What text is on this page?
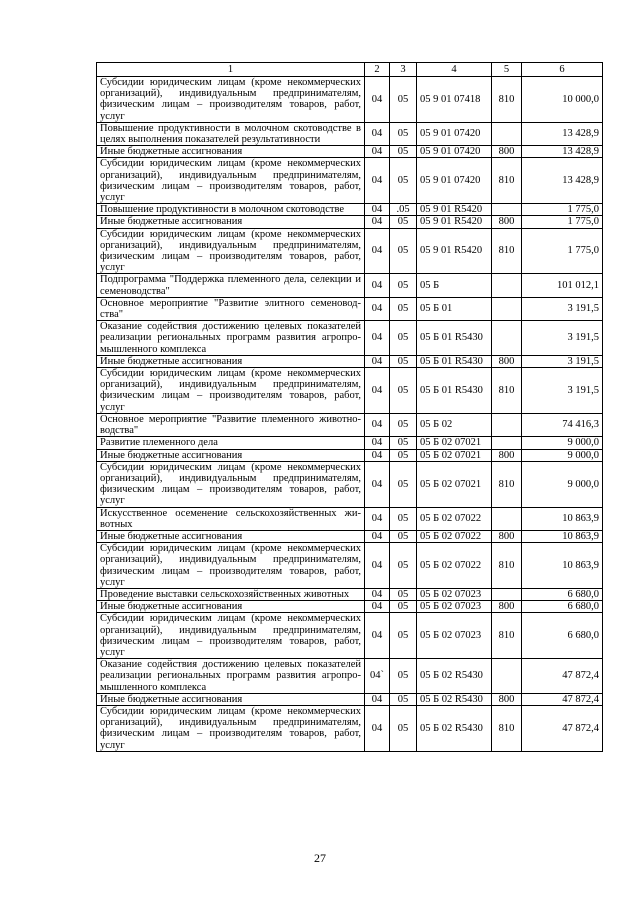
1	2	3	4	5	6
Субсидии юридическим лицам (кроме некоммерческих организаций), индивидуальным предпринимателям, физическим лицам – производителям товаров, работ, услуг	04	05	05 9 01 07418	810	10 000,0
Повышение продуктивности в молочном скотоводстве в целях выполнения показателей результативности	04	05	05 9 01 07420		13 428,9
Иные бюджетные ассигнования	04	05	05 9 01 07420	800	13 428,9
Субсидии юридическим лицам (кроме некоммерческих организаций), индивидуальным предпринимателям, физическим лицам – производителям товаров, работ, услуг	04	05	05 9 01 07420	810	13 428,9
Повышение продуктивности в молочном скотоводстве	04	.05	05 9 01 R5420		1 775,0
Иные бюджетные ассигнования	04	05	05 9 01 R5420	800	1 775,0
Субсидии юридическим лицам (кроме некоммерческих организаций), индивидуальным предпринимателям, физическим лицам – производителям товаров, работ, услуг	04	05	05 9 01 R5420	810	1 775,0
Подпрограмма "Поддержка племенного дела, селекции и семеноводства"	04	05	05 Б		101 012,1
Основное мероприятие "Развитие элитного семеновод-ства"	04	05	05 Б 01		3 191,5
Оказание содействия достижению целевых показателей реализации региональных программ развития агропро-мышленного комплекса	04	05	05 Б 01 R5430		3 191,5
Иные бюджетные ассигнования	04	05	05 Б 01 R5430	800	3 191,5
Субсидии юридическим лицам (кроме некоммерческих организаций), индивидуальным предпринимателям, физическим лицам – производителям товаров, работ, услуг	04	05	05 Б 01 R5430	810	3 191,5
Основное мероприятие "Развитие племенного животно-водства"	04	05	05 Б 02		74 416,3
Развитие племенного дела	04	05	05 Б 02 07021		9 000,0
Иные бюджетные ассигнования	04	05	05 Б 02 07021	800	9 000,0
Субсидии юридическим лицам (кроме некоммерческих организаций), индивидуальным предпринимателям, физическим лицам – производителям товаров, работ, услуг	04	05	05 Б 02 07021	810	9 000,0
Искусственное осеменение сельскохозяйственных жи-вотных	04	05	05 Б 02 07022		10 863,9
Иные бюджетные ассигнования	04	05	05 Б 02 07022	800	10 863,9
Субсидии юридическим лицам (кроме некоммерческих организаций), индивидуальным предпринимателям, физическим лицам – производителям товаров, работ, услуг	04	05	05 Б 02 07022	810	10 863,9
Проведение выставки сельскохозяйственных животных	04	05	05 Б 02 07023		6 680,0
Иные бюджетные ассигнования	04	05	05 Б 02 07023	800	6 680,0
Субсидии юридическим лицам (кроме некоммерческих организаций), индивидуальным предпринимателям, физическим лицам – производителям товаров, работ, услуг	04	05	05 Б 02 07023	810	6 680,0
Оказание содействия достижению целевых показателей реализации региональных программ развития агропро-мышленного комплекса	04`	05	05 Б 02 R5430		47 872,4
Иные бюджетные ассигнования	04	05	05 Б 02 R5430	800	47 872,4
Субсидии юридическим лицам (кроме некоммерческих организаций), индивидуальным предпринимателям, физическим лицам – производителям товаров, работ, услуг	04	05	05 Б 02 R5430	810	47 872,4
27
